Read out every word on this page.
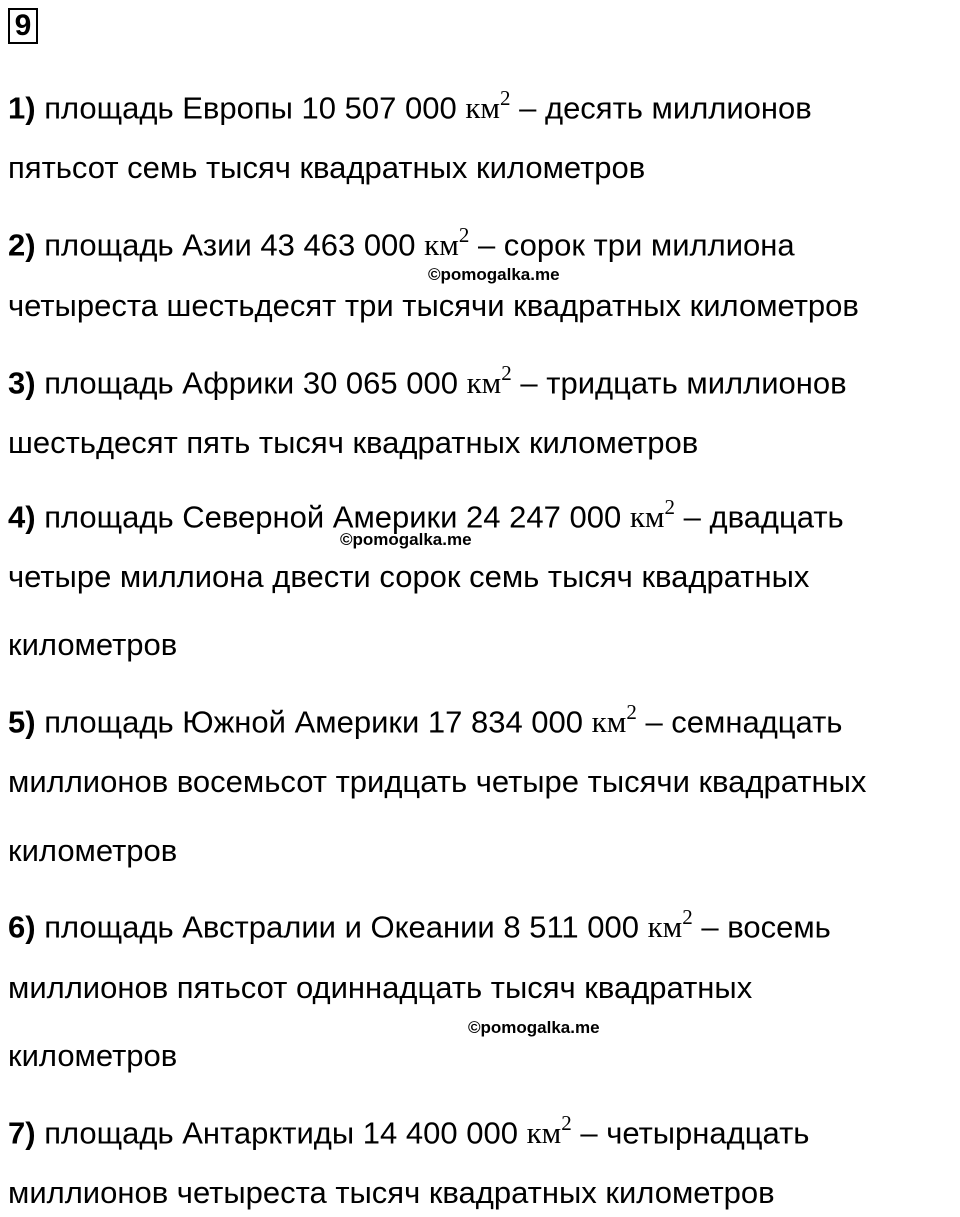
9
1) площадь Европы 10 507 000 $км^2$ – десять миллионов
пятьсот семь тысяч квадратных километров
2) площадь Азии 43 463 000 $км^2$ – сорок три миллиона
©pomogalka.me
четыреста шестьдесят три тысячи квадратных километров
3) площадь Африки 30 065 000 $км^2$ – тридцать миллионов
шестьдесят пять тысяч квадратных километров
4) площадь Северной Америки 24 247 000 $км^2$ – двадцать
©pomogalka.me
четыре миллиона двести сорок семь тысяч квадратных
километров
5) площадь Южной Америки 17 834 000 $км^2$ – семнадцать
миллионов восемьсот тридцать четыре тысячи квадратных
километров
6) площадь Австралии и Океании 8 511 000 $км^2$ – восемь
миллионов пятьсот одиннадцать тысяч квадратных
©pomogalka.me
километров
7) площадь Антарктиды 14 400 000 $км^2$ – четырнадцать
миллионов четыреста тысяч квадратных километров
